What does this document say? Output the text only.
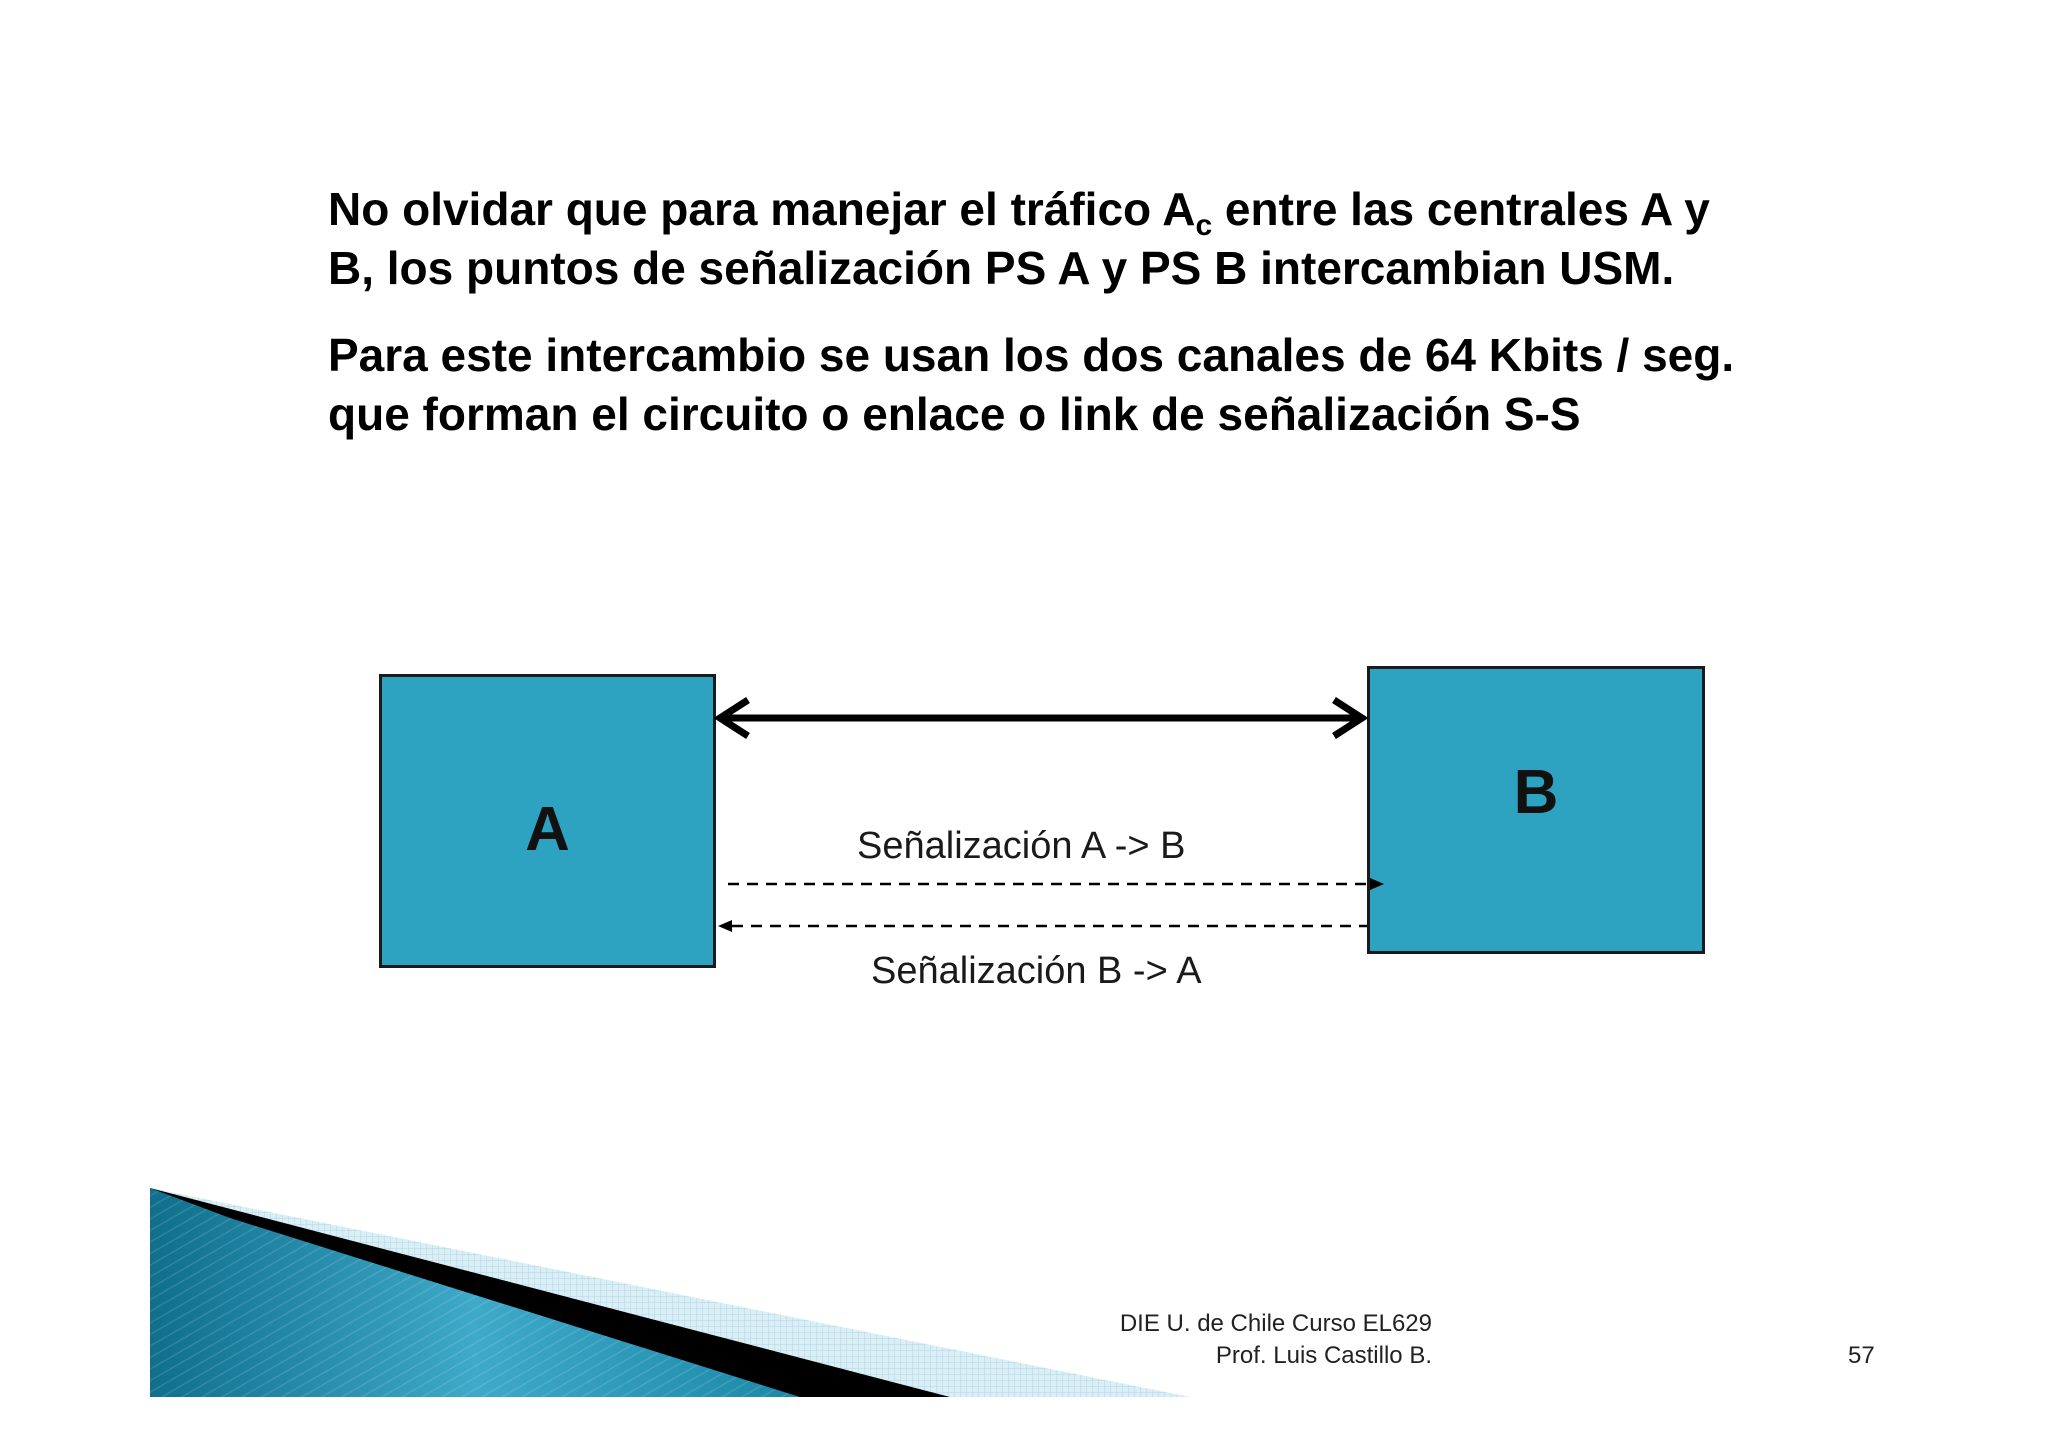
No olvidar que para manejar el tráfico $A_c$ entre las centrales A y B, los puntos de señalización PS A y PS B intercambian USM.

Para este intercambio se usan los dos canales de 64 Kbits / seg. que forman el circuito o enlace o link de señalización S-S

A
B
Señalización A -> B
Señalización B -> A
DIE U. de Chile Curso EL629
Prof. Luis Castillo B.	57
